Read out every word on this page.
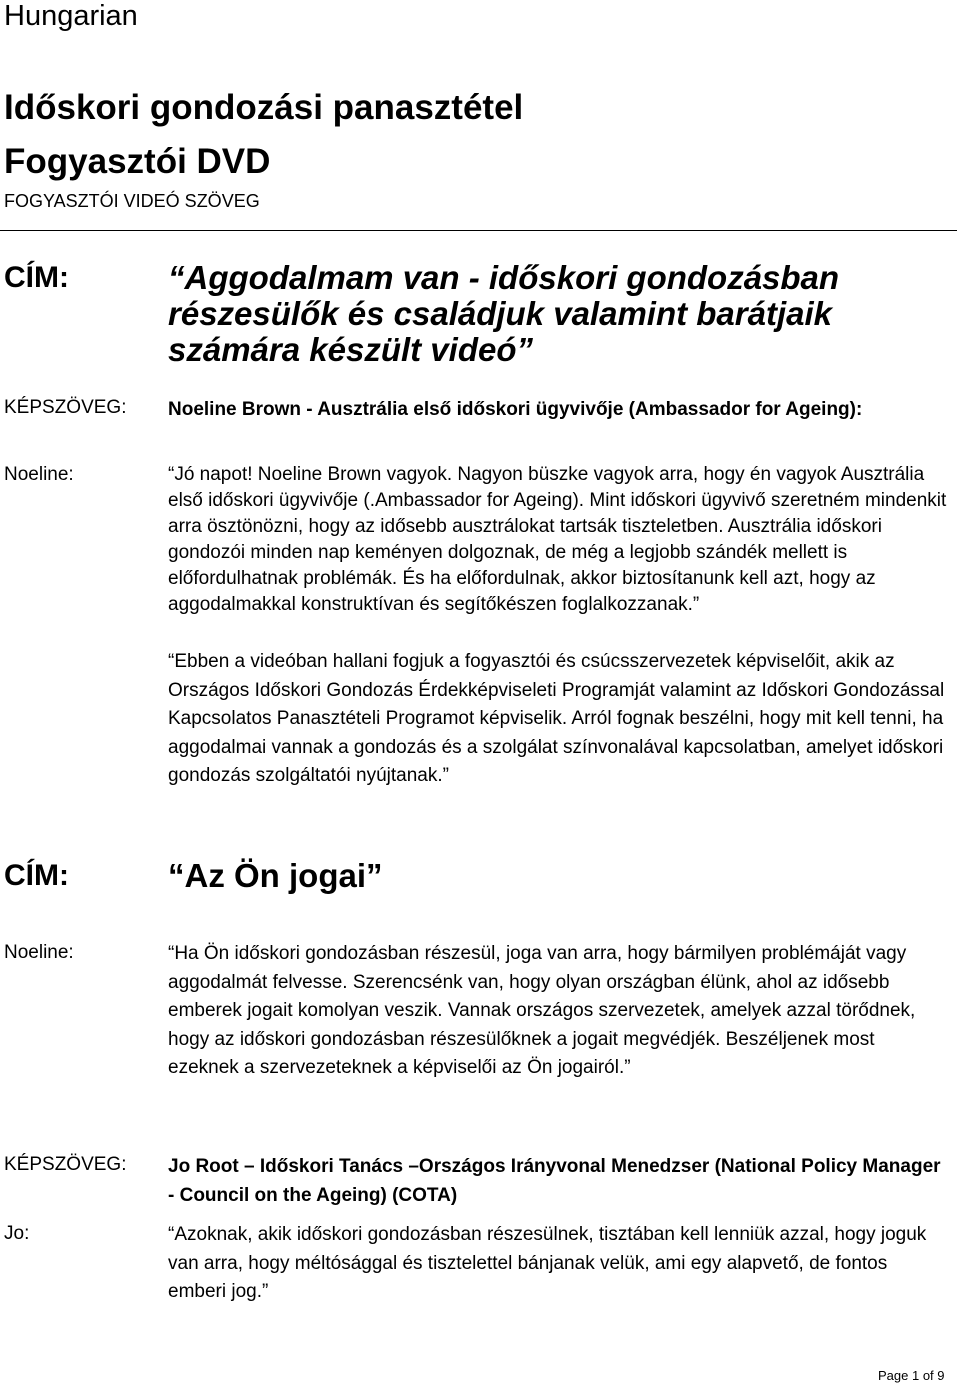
Hungarian
Időskori gondozási panasztétel
Fogyasztói DVD
FOGYASZTÓI VIDEÓ SZÖVEG
CÍM:	“Aggodalmam van - időskori gondozásban részesülők és családjuk valamint barátjaik számára készült videó”
KÉPSZÖVEG: Noeline Brown - Ausztrália első időskori ügyvivője (Ambassador for Ageing):
Noeline:	“Jó napot! Noeline Brown vagyok. Nagyon büszke vagyok arra, hogy én vagyok Ausztrália első időskori ügyvivője (.Ambassador for Ageing). Mint időskori ügyvivő szeretném mindenkit arra ösztönözni, hogy az idősebb ausztrálokat tartsák tiszteletben. Ausztrália időskori gondozói minden nap keményen dolgoznak, de még a legjobb szándék mellett is előfordulhatnak problémák. És ha előfordulnak, akkor biztosítanunk kell azt, hogy az aggodalmakkal konstruktívan és segítőkészen foglalkozzanak.”
“Ebben a videóban hallani fogjuk a fogyasztói és csúcsszervezetek képviselőit, akik az Országos Időskori Gondozás Érdekképviseleti Programját valamint az Időskori Gondozással Kapcsolatos Panasztételi Programot képviselik. Arról fognak beszélni, hogy mit kell tenni, ha aggodalmai vannak a gondozás és a szolgálat színvonalával kapcsolatban, amelyet időskori gondozás szolgáltatói nyújtanak.”
CÍM:	“Az Ön jogai”
Noeline:	“Ha Ön időskori gondozásban részesül, joga van arra, hogy bármilyen problémáját vagy aggodalmát felvesse. Szerencsénk van, hogy olyan országban élünk, ahol az idősebb emberek jogait komolyan veszik. Vannak országos szervezetek, amelyek azzal törődnek, hogy az időskori gondozásban részesülőknek a jogait megvédjék. Beszéljenek most ezeknek a szervezeteknek a képviselői az Ön jogairól.”
KÉPSZÖVEG: Jo Root – Időskori Tanács –Országos Irányvonal Menedzser (National Policy Manager - Council on the Ageing) (COTA)
Jo:	“Azoknak, akik időskori gondozásban részesülnek, tisztában kell lenniük azzal, hogy joguk van arra, hogy méltósággal és tisztelettel bánjanak velük, ami egy alapvető, de fontos emberi jog.”
Page 1 of 9
